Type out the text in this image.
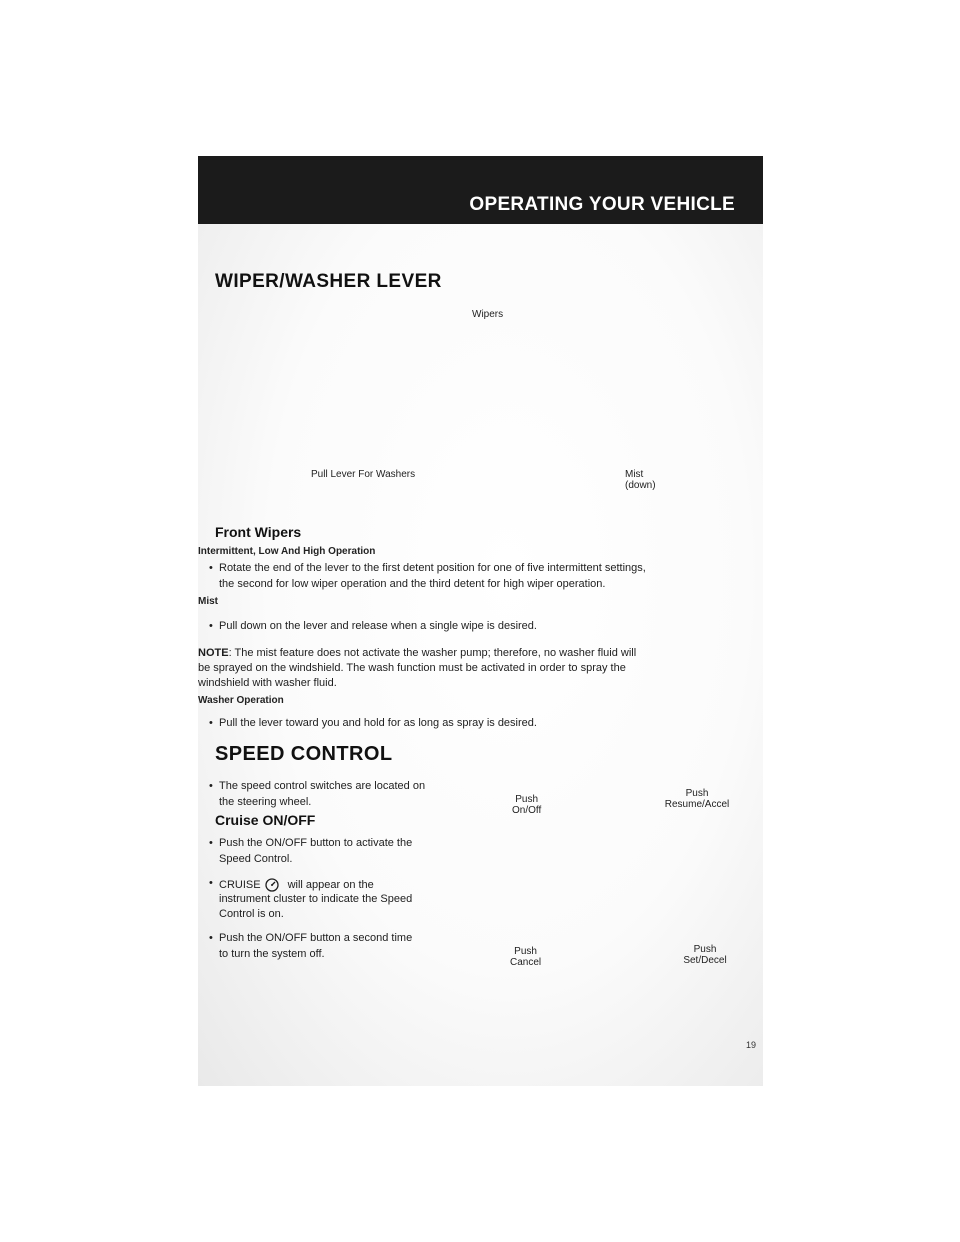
OPERATING YOUR VEHICLE
WIPER/WASHER LEVER
Wipers
Pull Lever For Washers	Mist
(down)
Front Wipers
Intermittent, Low And High Operation
• Rotate the end of the lever to the first detent position for one of five intermittent settings,
the second for low wiper operation and the third detent for high wiper operation.
Mist
• Pull down on the lever and release when a single wipe is desired.
NOTE: The mist feature does not activate the washer pump; therefore, no washer fluid will
be sprayed on the windshield. The wash function must be activated in order to spray the
windshield with washer fluid.
Washer Operation
• Pull the lever toward you and hold for as long as spray is desired.
SPEED CONTROL
• The speed control switches are located on
the steering wheel.
Cruise ON/OFF
• Push the ON/OFF button to activate the
Speed Control.
• CRUISE will appear on the
instrument cluster to indicate the Speed
Control is on.
• Push the ON/OFF button a second time
to turn the system off.
Push
On/Off
Push
Resume/Accel
Push
Cancel
Push
Set/Decel
19
